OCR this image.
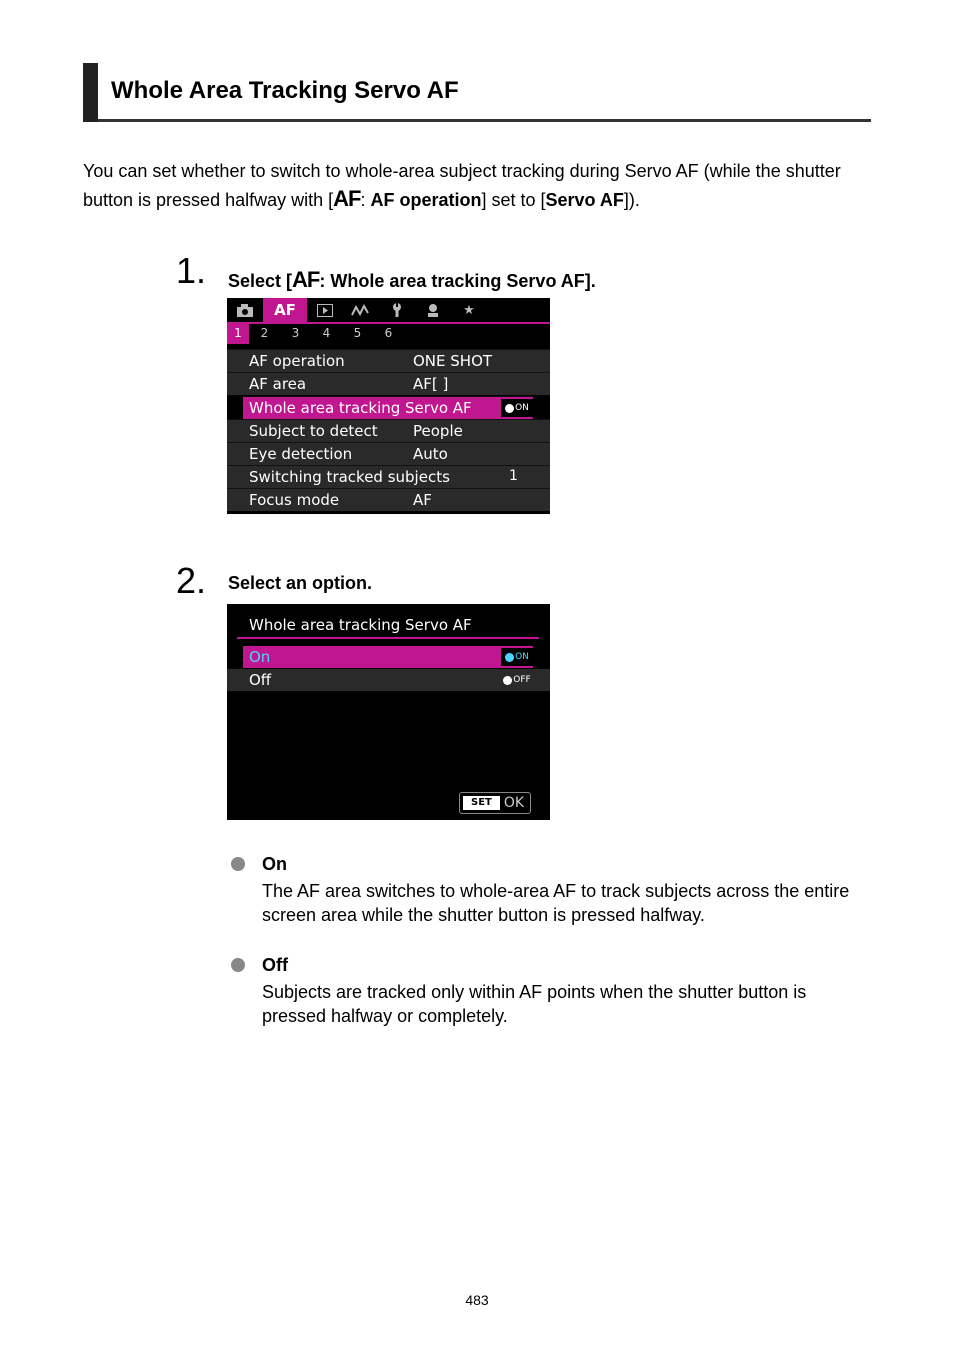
Whole Area Tracking Servo AF
You can set whether to switch to whole-area subject tracking during Servo AF (while the shutter button is pressed halfway with [AF: AF operation] set to [Servo AF]).
1. Select [AF: Whole area tracking Servo AF].
AF	★
1	2	3	4	5	6
AF operation	ONE SHOT
AF area	AF[ ]
Whole area tracking Servo AF	ON
Subject to detect People
Eye detection	Auto
Switching tracked subjects	1
Focus mode	AF
2. Select an option.
Whole area tracking Servo AF
On	ON
Off	OFF
SET OK
On
The AF area switches to whole-area AF to track subjects across the entire screen area while the shutter button is pressed halfway.
Off
Subjects are tracked only within AF points when the shutter button is pressed halfway or completely.
483
